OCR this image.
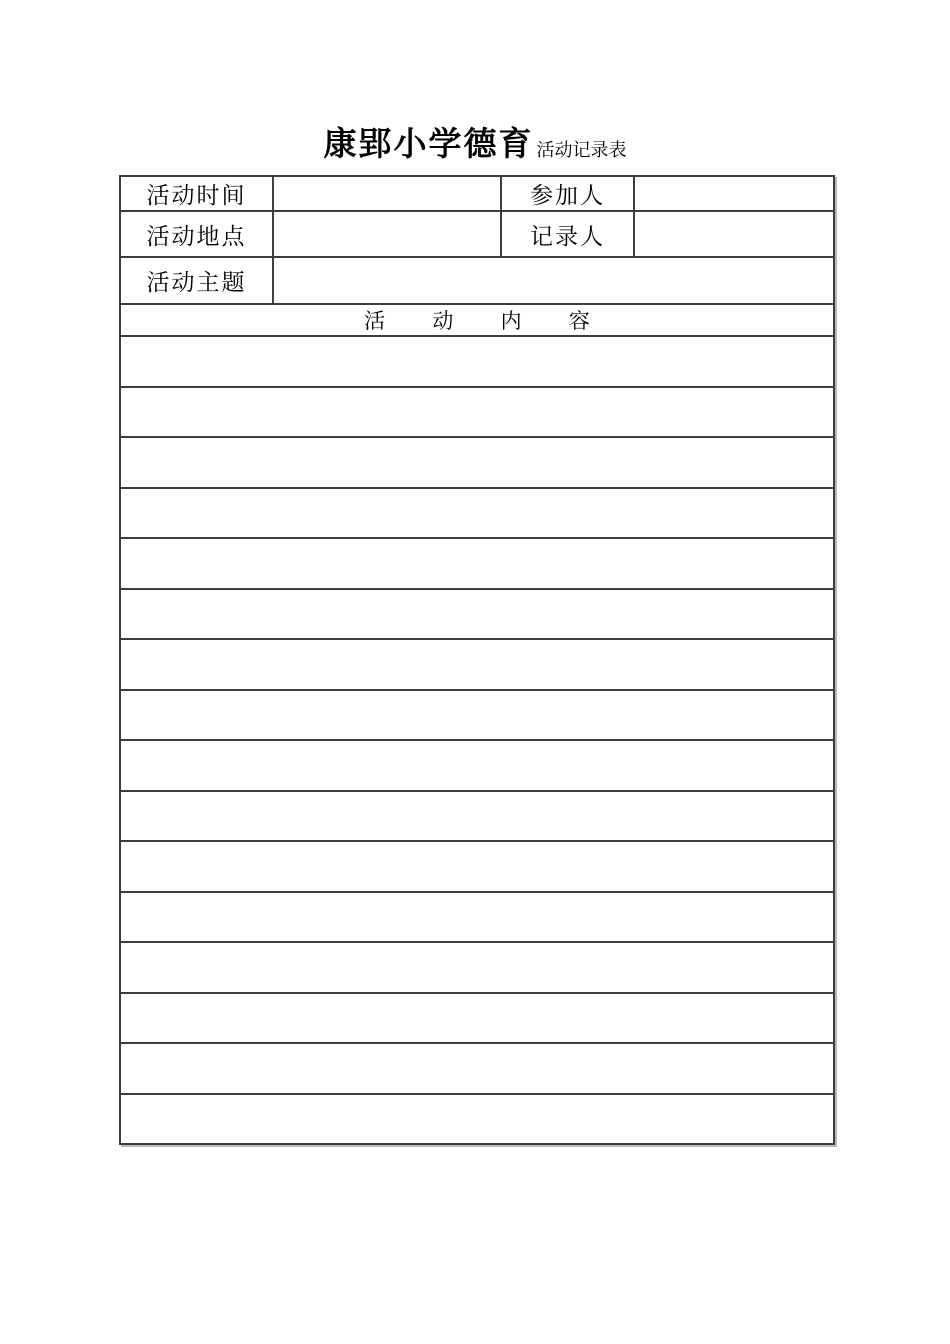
康郢小学德育 活动记录表
活动时间		参加人	
活动地点		记录人	
活动主题			
活 动 内 容			
